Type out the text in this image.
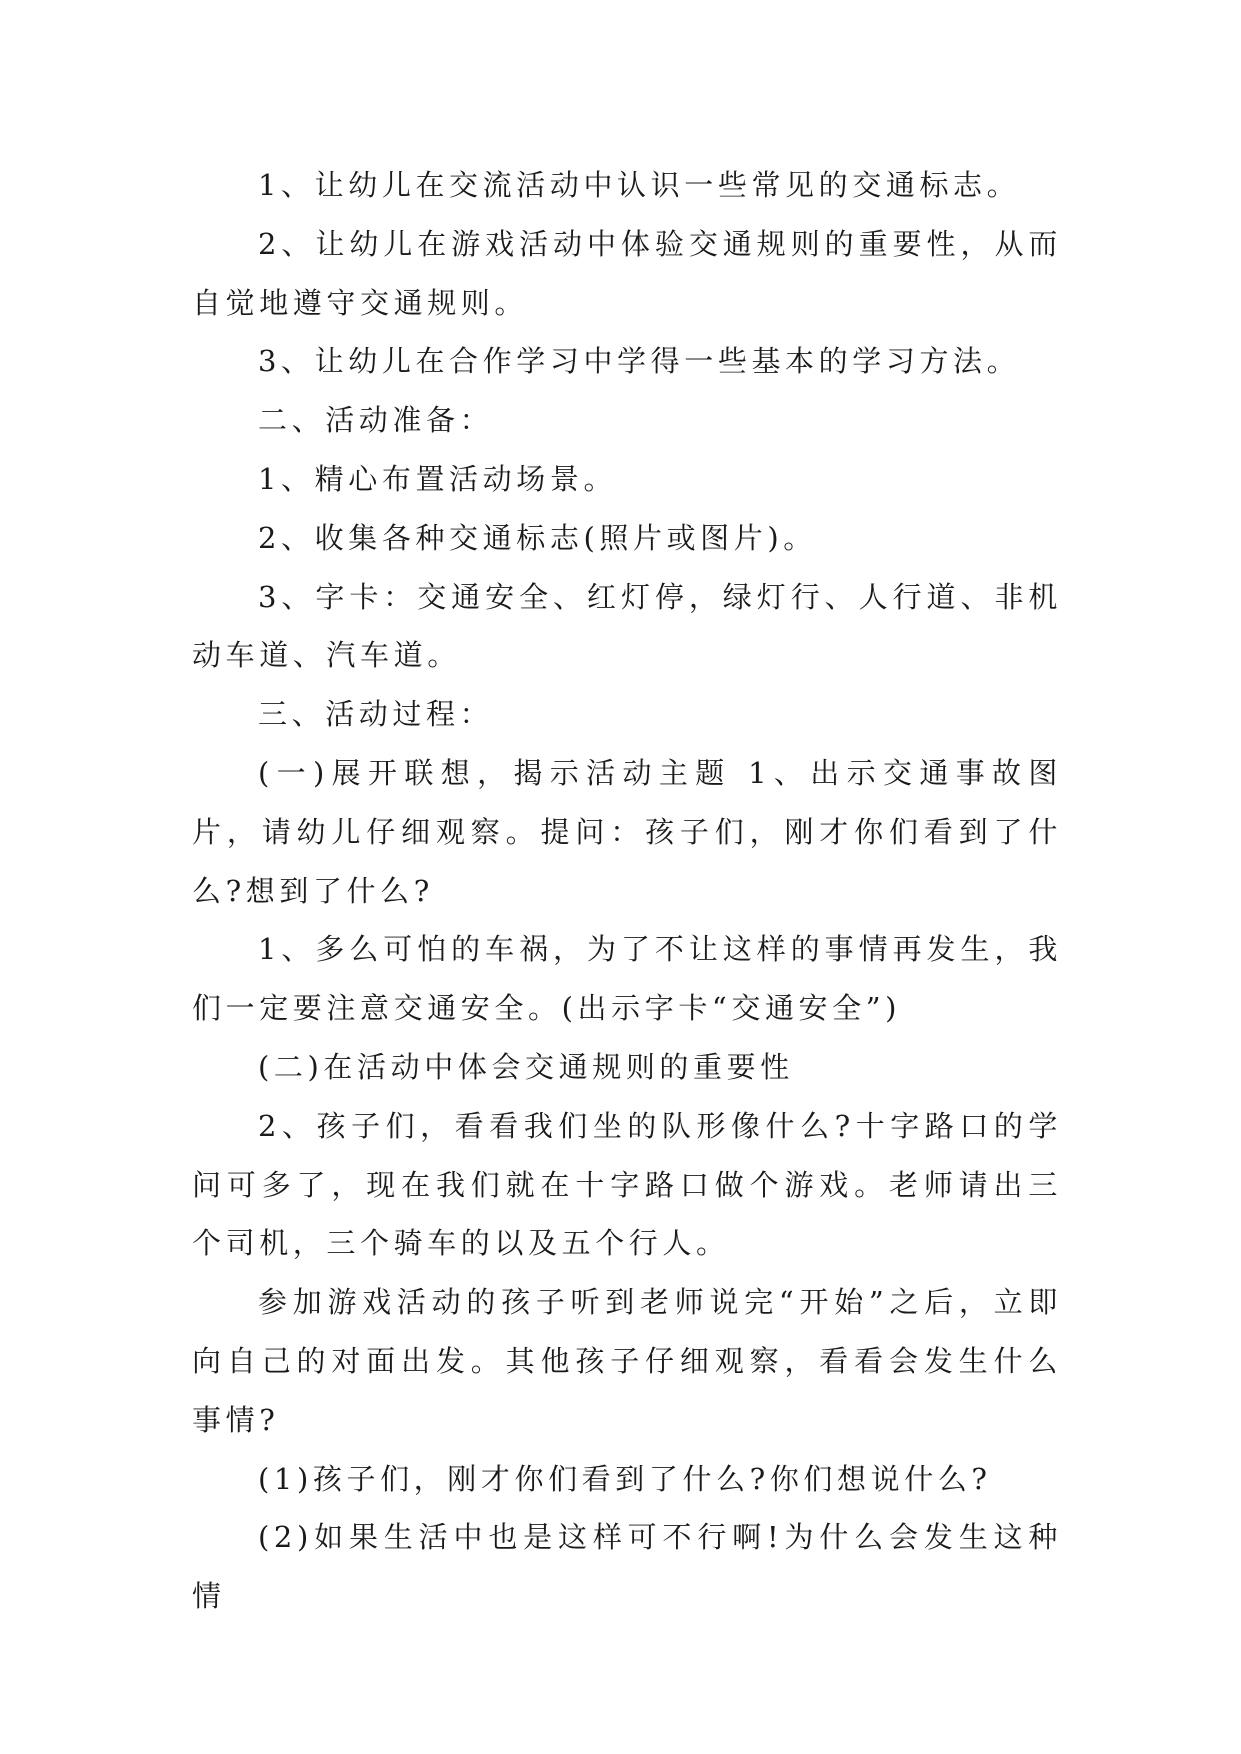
1、让幼儿在交流活动中认识一些常见的交通标志。

2、让幼儿在游戏活动中体验交通规则的重要性，从而自觉地遵守交通规则。

3、让幼儿在合作学习中学得一些基本的学习方法。

二、活动准备：

1、精心布置活动场景。

2、收集各种交通标志(照片或图片)。

3、字卡：交通安全、红灯停，绿灯行、人行道、非机动车道、汽车道。

三、活动过程：

(一)展开联想，揭示活动主题 1、出示交通事故图片，请幼儿仔细观察。提问：孩子们，刚才你们看到了什么?想到了什么?

1、多么可怕的车祸，为了不让这样的事情再发生，我们一定要注意交通安全。(出示字卡“交通安全”)

(二)在活动中体会交通规则的重要性

2、孩子们，看看我们坐的队形像什么?十字路口的学问可多了，现在我们就在十字路口做个游戏。老师请出三个司机，三个骑车的以及五个行人。

参加游戏活动的孩子听到老师说完“开始”之后，立即向自己的对面出发。其他孩子仔细观察，看看会发生什么事情?

(1)孩子们，刚才你们看到了什么?你们想说什么?

(2)如果生活中也是这样可不行啊!为什么会发生这种情
